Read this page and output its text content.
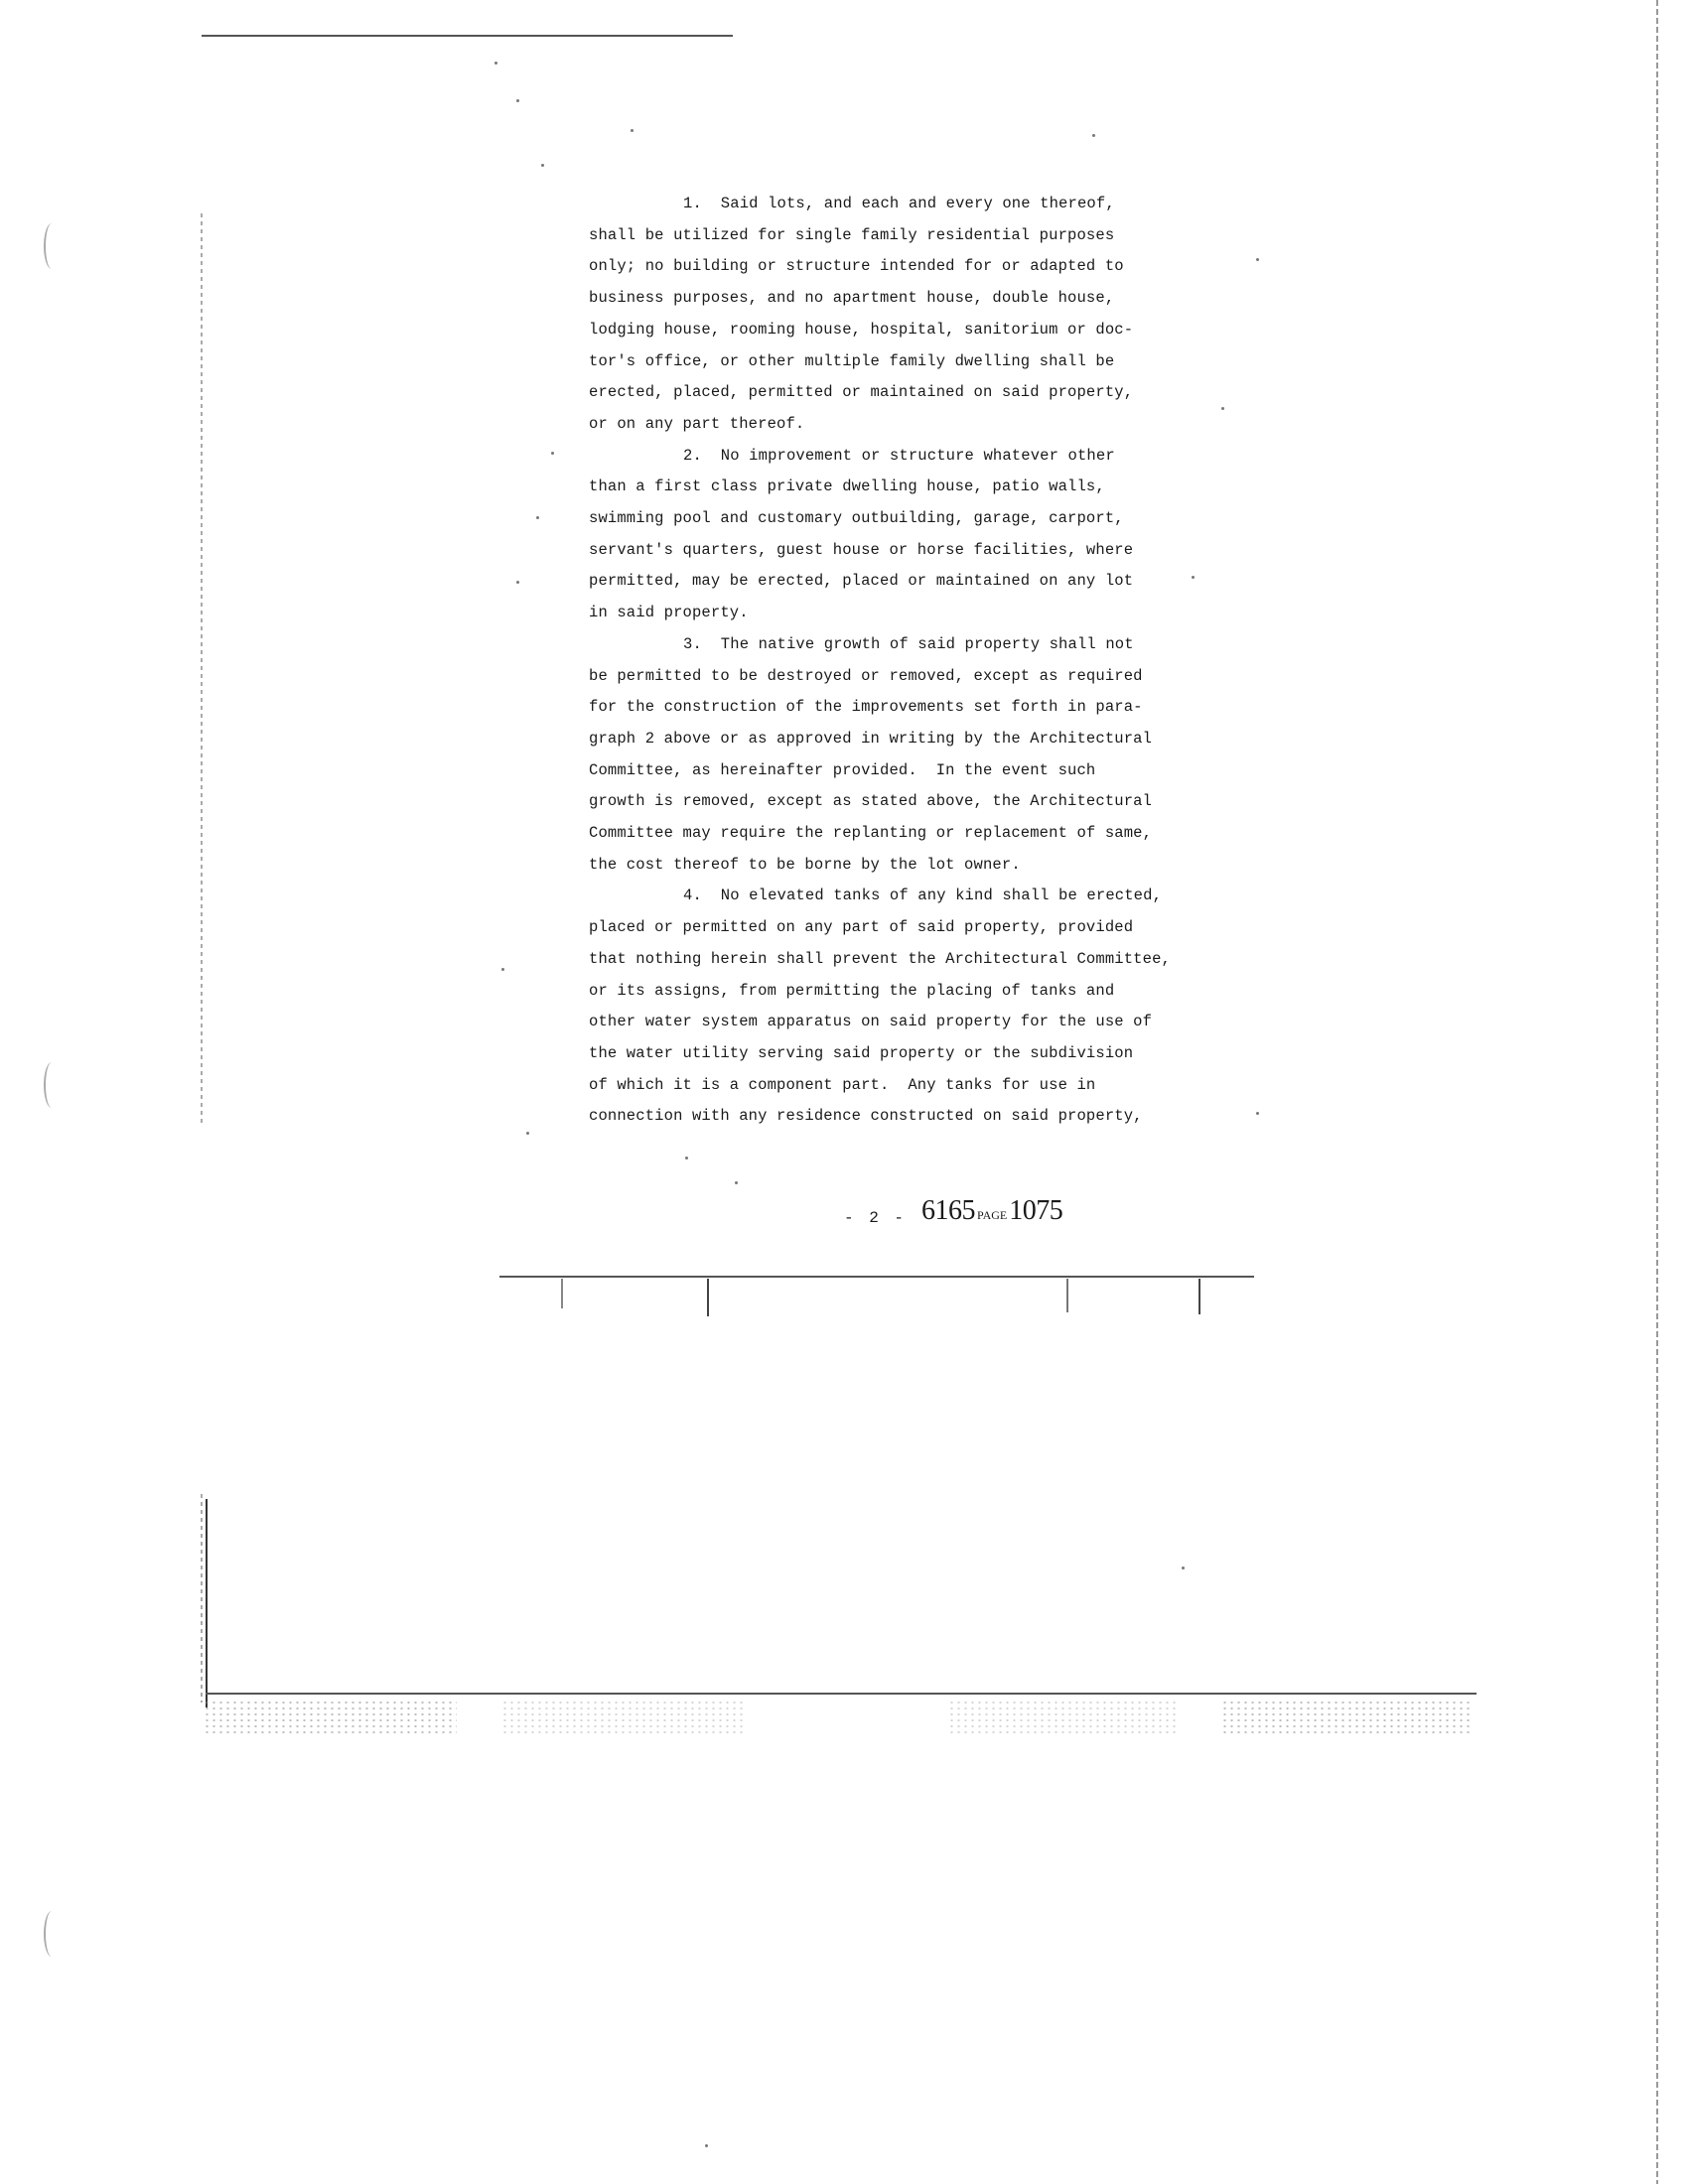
1.  Said lots, and each and every one thereof,

shall be utilized for single family residential purposes

only; no building or structure intended for or adapted to

business purposes, and no apartment house, double house,

lodging house, rooming house, hospital, sanitorium or doc-

tor's office, or other multiple family dwelling shall be

erected, placed, permitted or maintained on said property,

or on any part thereof.

2.  No improvement or structure whatever other

than a first class private dwelling house, patio walls,

swimming pool and customary outbuilding, garage, carport,

servant's quarters, guest house or horse facilities, where

permitted, may be erected, placed or maintained on any lot

in said property.

3.  The native growth of said property shall not

be permitted to be destroyed or removed, except as required

for the construction of the improvements set forth in para-

graph 2 above or as approved in writing by the Architectural

Committee, as hereinafter provided.  In the event such

growth is removed, except as stated above, the Architectural

Committee may require the replanting or replacement of same,

the cost thereof to be borne by the lot owner.

4.  No elevated tanks of any kind shall be erected,

placed or permitted on any part of said property, provided

that nothing herein shall prevent the Architectural Committee,

or its assigns, from permitting the placing of tanks and

other water system apparatus on said property for the use of

the water utility serving said property or the subdivision

of which it is a component part.  Any tanks for use in

connection with any residence constructed on said property,

- 2 - 6165 PAGE1075
